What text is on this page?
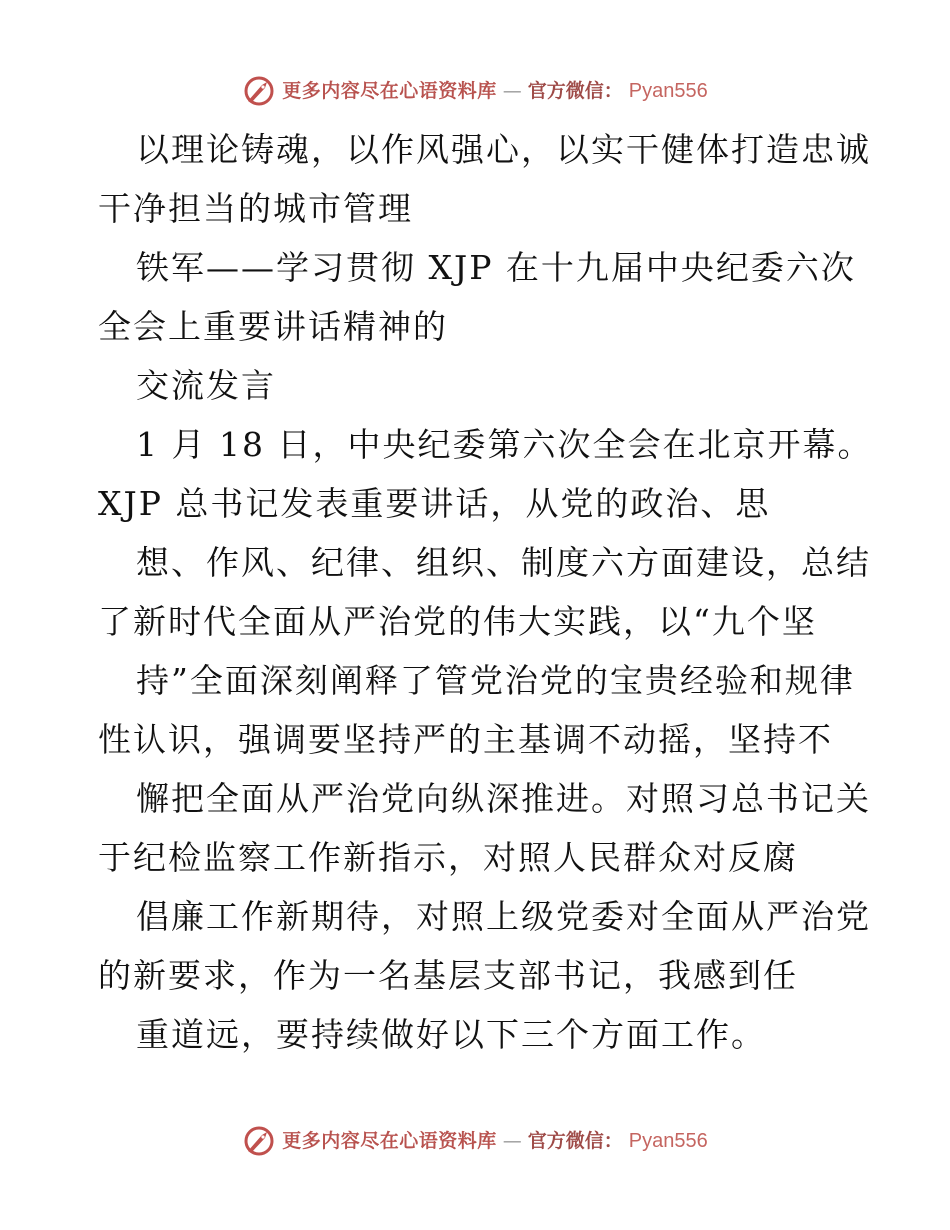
更多内容尽在心语资料库 — 官方微信： Pyan556
以理论铸魂，以作风强心，以实干健体打造忠诚
干净担当的城市管理
铁军——学习贯彻 XJP 在十九届中央纪委六次
全会上重要讲话精神的
交流发言
1 月 18 日，中央纪委第六次全会在北京开幕。
XJP 总书记发表重要讲话，从党的政治、思
想、作风、纪律、组织、制度六方面建设，总结
了新时代全面从严治党的伟大实践，以“九个坚
持”全面深刻阐释了管党治党的宝贵经验和规律
性认识，强调要坚持严的主基调不动摇，坚持不
懈把全面从严治党向纵深推进。对照习总书记关
于纪检监察工作新指示，对照人民群众对反腐
倡廉工作新期待，对照上级党委对全面从严治党
的新要求，作为一名基层支部书记，我感到任
重道远，要持续做好以下三个方面工作。
更多内容尽在心语资料库 — 官方微信： Pyan556
